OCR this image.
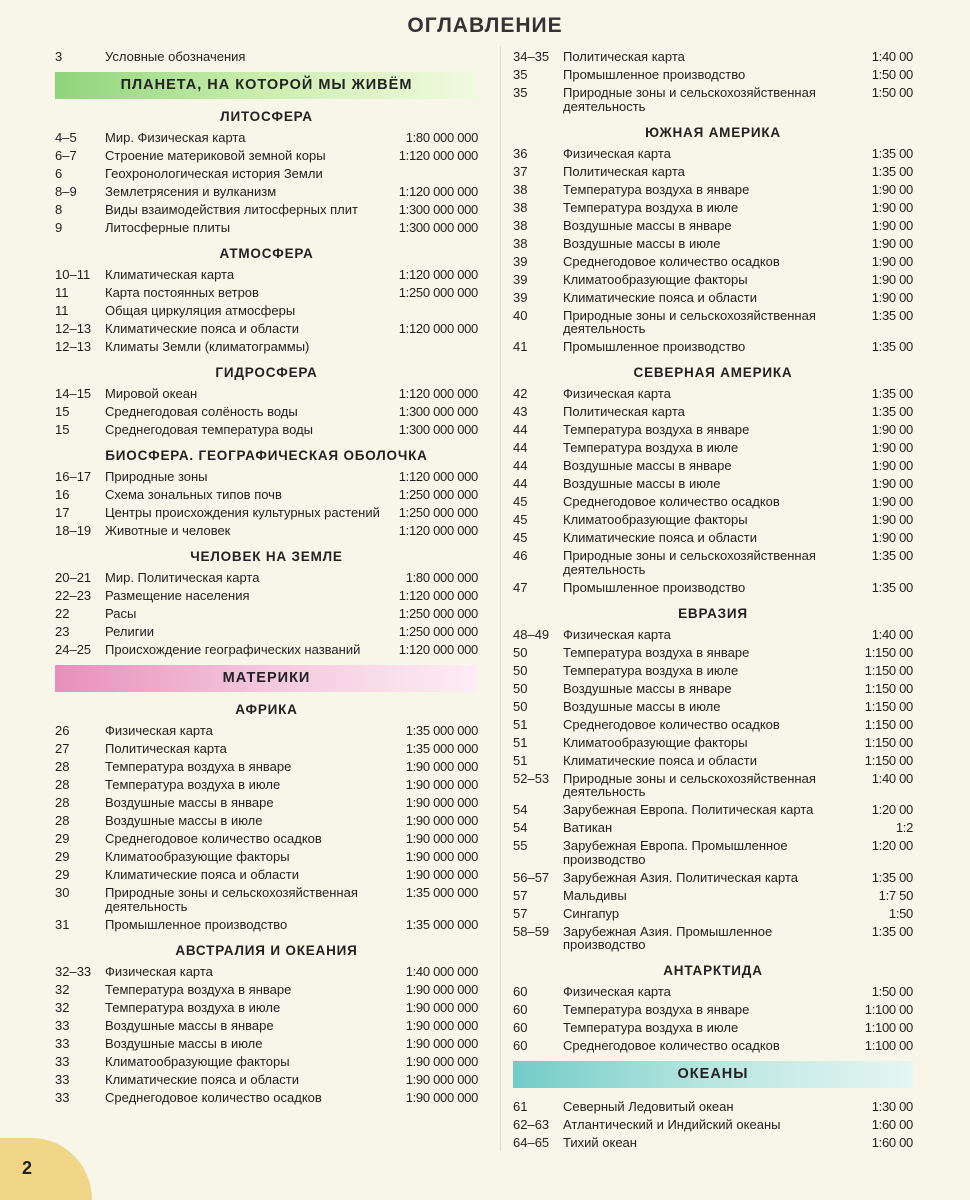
ОГЛАВЛЕНИЕ
3	Условные обозначения
ПЛАНЕТА, НА КОТОРОЙ МЫ ЖИВЁМ
ЛИТОСФЕРА
4–5	Мир. Физическая карта	1:80 000 000
6–7	Строение материковой земной коры	1:120 000 000
6	Геохронологическая история Земли
8–9	Землетрясения и вулканизм	1:120 000 000
8	Виды взаимодействия литосферных плит	1:300 000 000
9	Литосферные плиты	1:300 000 000
АТМОСФЕРА
10–11	Климатическая карта	1:120 000 000
11	Карта постоянных ветров	1:250 000 000
11	Общая циркуляция атмосферы
12–13	Климатические пояса и области	1:120 000 000
12–13	Климаты Земли (климатограммы)
ГИДРОСФЕРА
14–15	Мировой океан	1:120 000 000
15	Среднегодовая солёность воды	1:300 000 000
15	Среднегодовая температура воды	1:300 000 000
БИОСФЕРА. ГЕОГРАФИЧЕСКАЯ ОБОЛОЧКА
16–17	Природные зоны	1:120 000 000
16	Схема зональных типов почв	1:250 000 000
17	Центры происхождения культурных растений	1:250 000 000
18–19	Животные и человек	1:120 000 000
ЧЕЛОВЕК НА ЗЕМЛЕ
20–21	Мир. Политическая карта	1:80 000 000
22–23	Размещение населения	1:120 000 000
22	Расы	1:250 000 000
23	Религии	1:250 000 000
24–25	Происхождение географических названий	1:120 000 000
МАТЕРИКИ
АФРИКА
26	Физическая карта	1:35 000 000
27	Политическая карта	1:35 000 000
28	Температура воздуха в январе	1:90 000 000
28	Температура воздуха в июле	1:90 000 000
28	Воздушные массы в январе	1:90 000 000
28	Воздушные массы в июле	1:90 000 000
29	Среднегодовое количество осадков	1:90 000 000
29	Климатообразующие факторы	1:90 000 000
29	Климатические пояса и области	1:90 000 000
30	Природные зоны и сельскохозяйственная деятельность
1:35 000 000
31	Промышленное производство	1:35 000 000
АВСТРАЛИЯ И ОКЕАНИЯ
32–33	Физическая карта	1:40 000 000
32	Температура воздуха в январе	1:90 000 000
32	Температура воздуха в июле	1:90 000 000
33	Воздушные массы в январе	1:90 000 000
33	Воздушные массы в июле	1:90 000 000
33	Климатообразующие факторы	1:90 000 000
33	Климатические пояса и области	1:90 000 000
33	Среднегодовое количество осадков	1:90 000 000
34–35	Политическая карта	1:40 00
35	Промышленное производство	1:50 00
35	Природные зоны и сельскохозяйственная деятельность
1:50 00
ЮЖНАЯ АМЕРИКА
36	Физическая карта	1:35 00
37	Политическая карта	1:35 00
38	Температура воздуха в январе	1:90 00
38	Температура воздуха в июле	1:90 00
38	Воздушные массы в январе	1:90 00
38	Воздушные массы в июле	1:90 00
39	Среднегодовое количество осадков	1:90 00
39	Климатообразующие факторы	1:90 00
39	Климатические пояса и области	1:90 00
40	Природные зоны и сельскохозяйственная деятельность
1:35 00
41	Промышленное производство	1:35 00
СЕВЕРНАЯ АМЕРИКА
42	Физическая карта	1:35 00
43	Политическая карта	1:35 00
44	Температура воздуха в январе	1:90 00
44	Температура воздуха в июле	1:90 00
44	Воздушные массы в январе	1:90 00
44	Воздушные массы в июле	1:90 00
45	Среднегодовое количество осадков	1:90 00
45	Климатообразующие факторы	1:90 00
45	Климатические пояса и области	1:90 00
46	Природные зоны и сельскохозяйственная деятельность
1:35 00
47	Промышленное производство	1:35 00
ЕВРАЗИЯ
48–49	Физическая карта	1:40 00
50	Температура воздуха в январе	1:150 00
50	Температура воздуха в июле	1:150 00
50	Воздушные массы в январе	1:150 00
50	Воздушные массы в июле	1:150 00
51	Среднегодовое количество осадков	1:150 00
51	Климатообразующие факторы	1:150 00
51	Климатические пояса и области	1:150 00
52–53	Природные зоны и сельскохозяйственная деятельность
1:40 00
54	Зарубежная Европа. Политическая карта	1:20 00
54	Ватикан	1:2
55	Зарубежная Европа. Промышленное производство
1:20 00
56–57	Зарубежная Азия. Политическая карта	1:35 00
57	Мальдивы	1:7 50
57	Сингапур	1:50
58–59	Зарубежная Азия. Промышленное производство
1:35 00
АНТАРКТИДА
60	Физическая карта	1:50 00
60	Температура воздуха в январе	1:100 00
60	Температура воздуха в июле	1:100 00
60	Среднегодовое количество осадков	1:100 00
ОКЕАНЫ
61	Северный Ледовитый океан	1:30 00
62–63	Атлантический и Индийский океаны	1:60 00
64–65	Тихий океан	1:60 00
2
